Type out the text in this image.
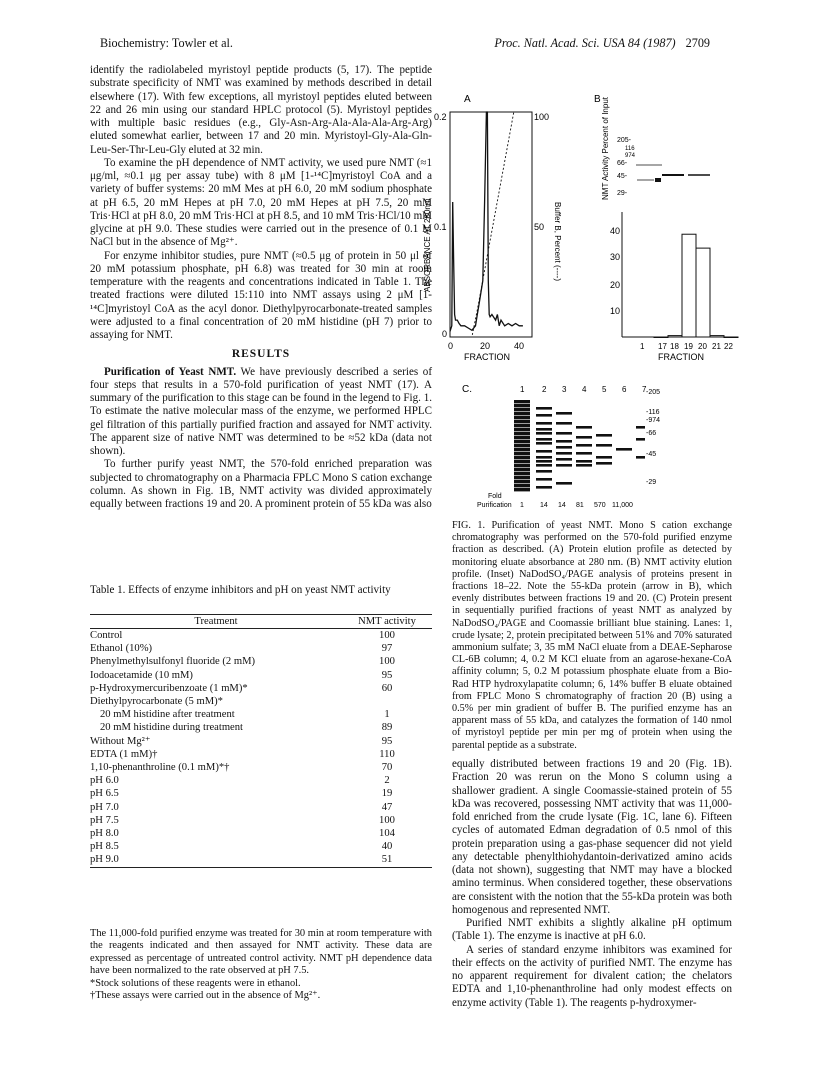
Biochemistry: Towler et al.	Proc. Natl. Acad. Sci. USA 84 (1987) 2709

identify the radiolabeled myristoyl peptide products (5, 17). The peptide substrate specificity of NMT was examined by methods described in detail elsewhere (17). With few exceptions, all myristoyl peptides eluted between 22 and 26 min using our standard HPLC protocol (5). Myristoyl peptides with multiple basic residues (e.g., Gly-Asn-Arg-Ala-Ala-Ala-Arg-Arg) eluted somewhat earlier, between 17 and 20 min. Myristoyl-Gly-Ala-Gln-Leu-Ser-Thr-Leu-Gly eluted at 32 min.

To examine the pH dependence of NMT activity, we used pure NMT (≈1 μg/ml, ≈0.1 μg per assay tube) with 8 μM [1-¹⁴C]myristoyl CoA and a variety of buffer systems: 20 mM Mes at pH 6.0, 20 mM sodium phosphate at pH 6.5, 20 mM Hepes at pH 7.0, 20 mM Hepes at pH 7.5, 20 mM Tris·HCl at pH 8.0, 20 mM Tris·HCl at pH 8.5, and 10 mM Tris·HCl/10 mM glycine at pH 9.0. These studies were carried out in the presence of 0.1 M NaCl but in the absence of Mg²⁺.

For enzyme inhibitor studies, pure NMT (≈0.5 μg of protein in 50 μl of 20 mM potassium phosphate, pH 6.8) was treated for 30 min at room temperature with the reagents and concentrations indicated in Table 1. The treated fractions were diluted 15:110 into NMT assays using 2 μM [1-¹⁴C]myristoyl CoA as the acyl donor. Diethylpyrocarbonate-treated samples were adjusted to a final concentration of 20 mM histidine (pH 7) prior to assaying for NMT.

RESULTS

Purification of Yeast NMT. We have previously described a series of four steps that results in a 570-fold purification of yeast NMT (17). A summary of the purification to this stage can be found in the legend to Fig. 1. To estimate the native molecular mass of the enzyme, we performed HPLC gel filtration of this partially purified fraction and assayed for NMT activity. The apparent size of native NMT was determined to be ≈52 kDa (data not shown).

To further purify yeast NMT, the 570-fold enriched preparation was subjected to chromatography on a Pharmacia FPLC Mono S cation exchange column. As shown in Fig. 1B, NMT activity was divided approximately equally between fractions 19 and 20. A prominent protein of 55 kDa was also

Table 1. Effects of enzyme inhibitors and pH on yeast NMT activity
Treatment	NMT activity
Control	100
Ethanol (10%)	97
Phenylmethylsulfonyl fluoride (2 mM)	100
Iodoacetamide (10 mM)	95
p-Hydroxymercuribenzoate (1 mM)*	60
Diethylpyrocarbonate (5 mM)*	
20 mM histidine after treatment	1
20 mM histidine during treatment	89
Without Mg²⁺	95
EDTA (1 mM)†	110
1,10-phenanthroline (0.1 mM)*†	70
pH 6.0	2
pH 6.5	19
pH 7.0	47
pH 7.5	100
pH 8.0	104
pH 8.5	40
pH 9.0	51

The 11,000-fold purified enzyme was treated for 30 min at room temperature with the reagents indicated and then assayed for NMT activity. These data are expressed as percentage of untreated control activity. NMT pH dependence data have been normalized to the rate observed at pH 7.5.

*Stock solutions of these reagents were in ethanol.

†These assays were carried out in the absence of Mg²⁺.

A
0.2
0.1
0
ABSORBANCE AT 280nm
100
50 Buffer B, Percent (----)
0	20	40
FRACTION
B NMT Activity Percent of Input
40
30
20
10
1 17 18 19 20 21 22
FRACTION
205-
116
974
66-
45-
29-
C.	1 2 3 4 5 6 7 -205
-116
-974
-66
-45
-29
Fold
Purification 1 14 14 81 570 11,000
FIG. 1. Purification of yeast NMT. Mono S cation exchange chromatography was performed on the 570-fold purified enzyme fraction as described. (A) Protein elution profile as detected by monitoring eluate absorbance at 280 nm. (B) NMT activity elution profile. (Inset) NaDodSO₄/PAGE analysis of proteins present in fractions 18–22. Note the 55-kDa protein (arrow in B), which evenly distributes between fractions 19 and 20. (C) Protein present in sequentially purified fractions of yeast NMT as analyzed by NaDodSO₄/PAGE and Coomassie brilliant blue staining. Lanes: 1, crude lysate; 2, protein precipitated between 51% and 70% saturated ammonium sulfate; 3, 35 mM NaCl eluate from a DEAE-Sepharose CL-6B column; 4, 0.2 M KCl eluate from an agarose-hexane-CoA affinity column; 5, 0.2 M potassium phosphate eluate from a Bio-Rad HTP hydroxylapatite column; 6, 14% buffer B eluate obtained from FPLC Mono S chromatography of fraction 20 (B) using a 0.5% per min gradient of buffer B. The purified enzyme has an apparent mass of 55 kDa, and catalyzes the formation of 140 nmol of myristoyl peptide per min per mg of protein when using the parental peptide as a substrate.

equally distributed between fractions 19 and 20 (Fig. 1B). Fraction 20 was rerun on the Mono S column using a shallower gradient. A single Coomassie-stained protein of 55 kDa was recovered, possessing NMT activity that was 11,000-fold enriched from the crude lysate (Fig. 1C, lane 6). Fifteen cycles of automated Edman degradation of 0.5 nmol of this protein preparation using a gas-phase sequencer did not yield any detectable phenylthiohydantoin-derivatized amino acids (data not shown), suggesting that NMT may have a blocked amino terminus. When considered together, these observations are consistent with the notion that the 55-kDa protein was both homogenous and represented NMT.

Purified NMT exhibits a slightly alkaline pH optimum (Table 1). The enzyme is inactive at pH 6.0.

A series of standard enzyme inhibitors was examined for their effects on the activity of purified NMT. The enzyme has no apparent requirement for divalent cation; the chelators EDTA and 1,10-phenanthroline had only modest effects on enzyme activity (Table 1). The reagents p-hydroxymer-
